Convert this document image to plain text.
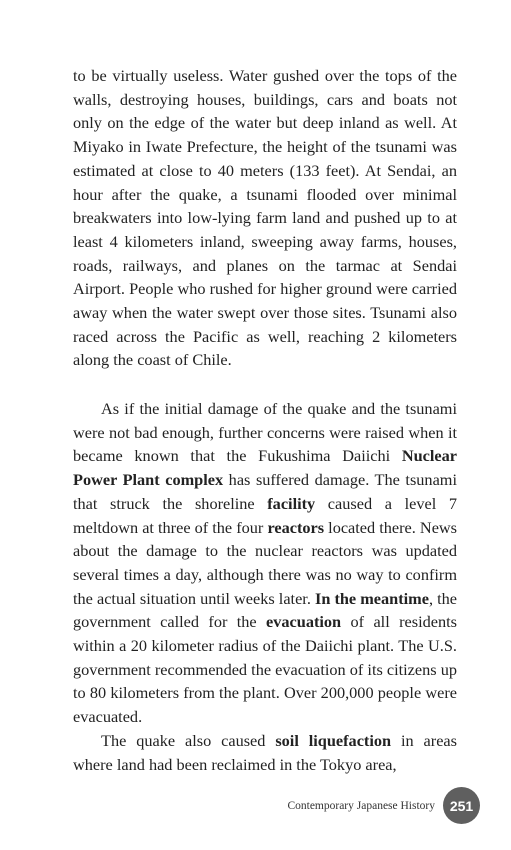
to be virtually useless. Water gushed over the tops of the walls, destroying houses, buildings, cars and boats not only on the edge of the water but deep inland as well. At Miyako in Iwate Prefecture, the height of the tsunami was estimated at close to 40 meters (133 feet). At Sendai, an hour after the quake, a tsunami flooded over minimal breakwaters into low-lying farm land and pushed up to at least 4 kilometers inland, sweeping away farms, houses, roads, railways, and planes on the tarmac at Sendai Airport. People who rushed for higher ground were carried away when the water swept over those sites. Tsunami also raced across the Pacific as well, reaching 2 kilometers along the coast of Chile.

As if the initial damage of the quake and the tsunami were not bad enough, further concerns were raised when it became known that the Fukushima Daiichi Nuclear Power Plant complex has suffered damage. The tsunami that struck the shoreline facility caused a level 7 meltdown at three of the four reactors located there. News about the damage to the nuclear reactors was updated several times a day, although there was no way to confirm the actual situation until weeks later. In the meantime, the government called for the evacuation of all residents within a 20 kilometer radius of the Daiichi plant. The U.S. government recommended the evacuation of its citizens up to 80 kilometers from the plant. Over 200,000 people were evacuated.

The quake also caused soil liquefaction in areas where land had been reclaimed in the Tokyo area,

Contemporary Japanese History	251
